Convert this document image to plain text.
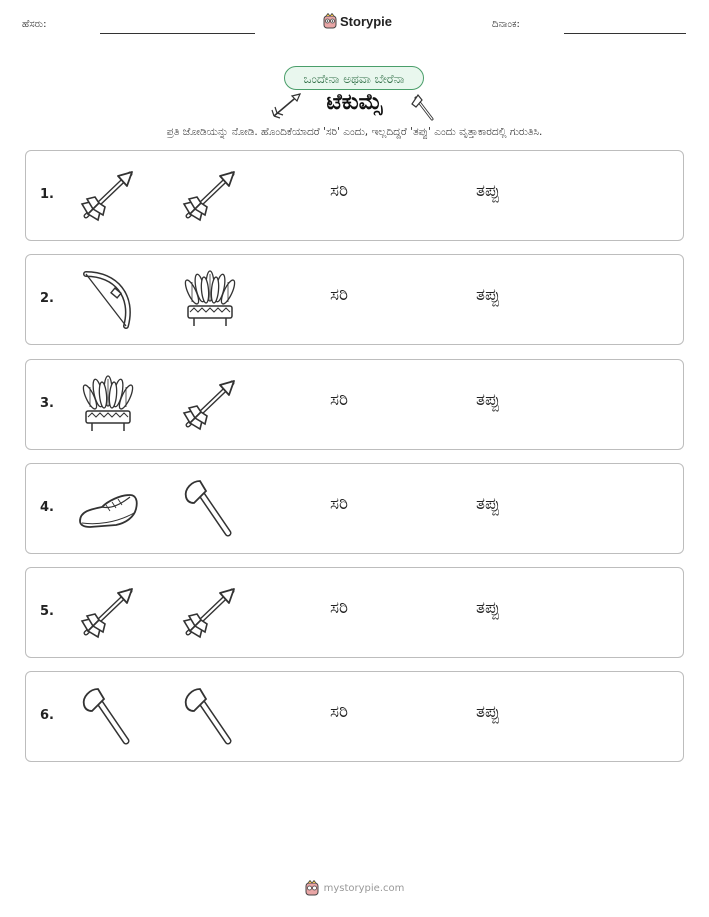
ಹೆಸರು:	Storypie	ದಿನಾಂಕ:
ಒಂದೇನಾ ಅಥವಾ ಬೇರೆನಾ
ಟೆಕುಮ್ಸೆ
ಪ್ರತಿ ಜೋಡಿಯನ್ನು ನೋಡಿ. ಹೊಂದಿಕೆಯಾದರೆ 'ಸರಿ' ಎಂದು, ಇಲ್ಲದಿದ್ದರೆ 'ತಪ್ಪು' ಎಂದು ವೃತ್ತಾಕಾರದಲ್ಲಿ ಗುರುತಿಸಿ.
1.	ಸರಿ	ತಪ್ಪು
2.	ಸರಿ	ತಪ್ಪು
3.	ಸರಿ	ತಪ್ಪು
4.	ಸರಿ	ತಪ್ಪು
5.	ಸರಿ	ತಪ್ಪು
6.	ಸರಿ	ತಪ್ಪು
mystorypie.com
